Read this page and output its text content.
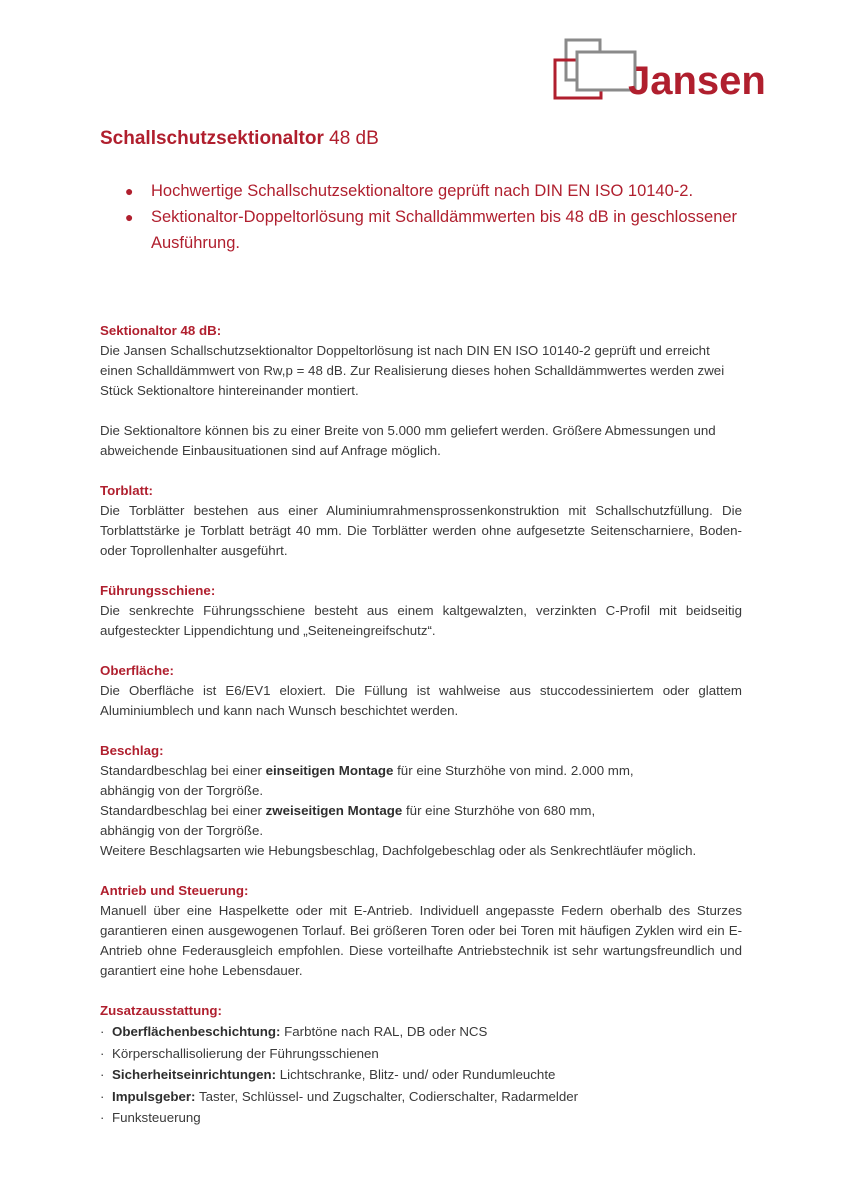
Jansen
Schallschutzsektionaltor 48 dB
● Hochwertige Schallschutzsektionaltore geprüft nach DIN EN ISO 10140-2.
● Sektionaltor-Doppeltorlösung mit Schalldämmwerten bis 48 dB in geschlossener Ausführung.

Sektionaltor 48 dB:

Die Jansen Schallschutzsektionaltor Doppeltorlösung ist nach DIN EN ISO 10140-2 geprüft und erreicht einen Schalldämmwert von Rw,p = 48 dB. Zur Realisierung dieses hohen Schalldämmwertes werden zwei Stück Sektionaltore hintereinander montiert.

Die Sektionaltore können bis zu einer Breite von 5.000 mm geliefert werden. Größere Abmessungen und abweichende Einbausituationen sind auf Anfrage möglich.

Torblatt:

Die Torblätter bestehen aus einer Aluminiumrahmensprossenkonstruktion mit Schallschutzfüllung. Die Torblattstärke je Torblatt beträgt 40 mm. Die Torblätter werden ohne aufgesetzte Seitenscharniere, Boden- oder Toprollenhalter ausgeführt.

Führungsschiene:

Die senkrechte Führungsschiene besteht aus einem kaltgewalzten, verzinkten C-Profil mit beidseitig aufgesteckter Lippendichtung und „Seiteneingreifschutz“.

Oberfläche:

Die Oberfläche ist E6/EV1 eloxiert. Die Füllung ist wahlweise aus stuccodessiniertem oder glattem Aluminiumblech und kann nach Wunsch beschichtet werden.

Beschlag:

Standardbeschlag bei einer einseitigen Montage für eine Sturzhöhe von mind. 2.000 mm,

abhängig von der Torgröße.

Standardbeschlag bei einer zweiseitigen Montage für eine Sturzhöhe von 680 mm,

abhängig von der Torgröße.

Weitere Beschlagsarten wie Hebungsbeschlag, Dachfolgebeschlag oder als Senkrechtläufer möglich.

Antrieb und Steuerung:

Manuell über eine Haspelkette oder mit E-Antrieb. Individuell angepasste Federn oberhalb des Sturzes garantieren einen ausgewogenen Torlauf. Bei größeren Toren oder bei Toren mit häufigen Zyklen wird ein E-Antrieb ohne Federausgleich empfohlen. Diese vorteilhafte Antriebstechnik ist sehr wartungsfreundlich und garantiert eine hohe Lebensdauer.

Zusatzausstattung:

· Oberflächenbeschichtung: Farbtöne nach RAL, DB oder NCS
· Körperschallisolierung der Führungsschienen
· Sicherheitseinrichtungen: Lichtschranke, Blitz- und/ oder Rundumleuchte
· Impulsgeber: Taster, Schlüssel- und Zugschalter, Codierschalter, Radarmelder
· Funksteuerung
